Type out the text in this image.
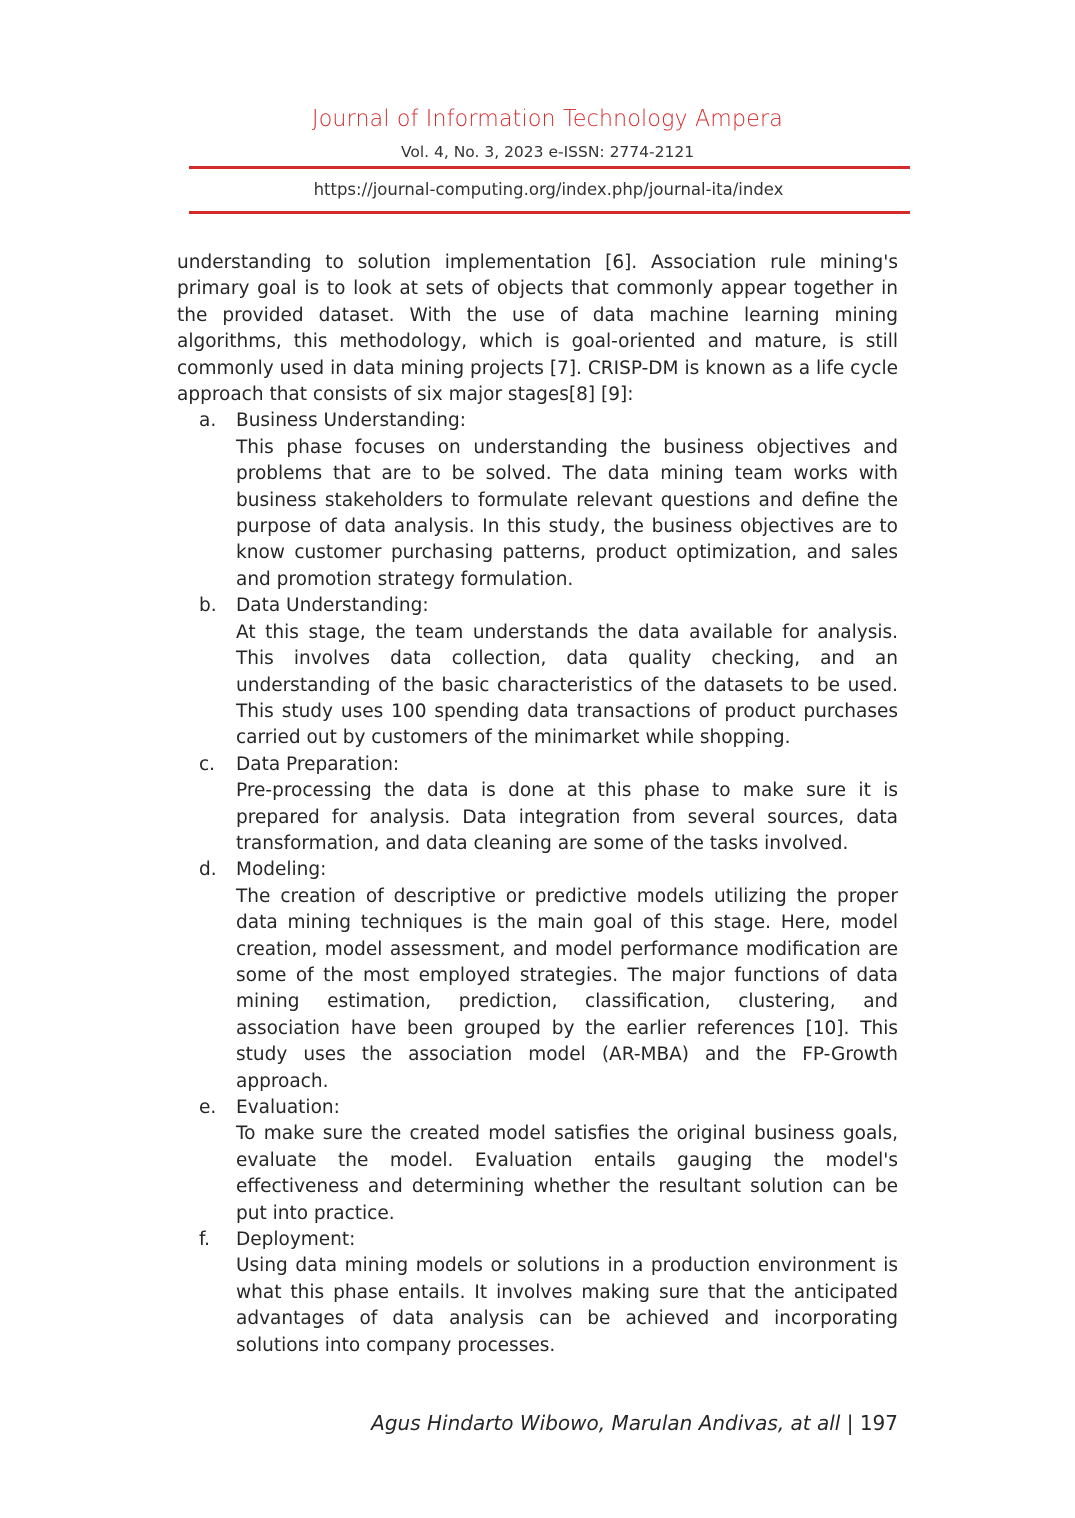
Journal of Information Technology Ampera
Vol. 4, No. 3, 2023 e-ISSN: 2774-2121
https://journal-computing.org/index.php/journal-ita/index

understanding to solution implementation [6]. Association rule mining's primary goal is to look at sets of objects that commonly appear together in the provided dataset. With the use of data machine learning mining algorithms, this methodology, which is goal-oriented and mature, is still commonly used in data mining projects [7]. CRISP-DM is known as a life cycle approach that consists of six major stages[8] [9]:

a. Business Understanding:

This phase focuses on understanding the business objectives and problems that are to be solved. The data mining team works with business stakeholders to formulate relevant questions and define the purpose of data analysis. In this study, the business objectives are to know customer purchasing patterns, product optimization, and sales and promotion strategy formulation.

b. Data Understanding:

At this stage, the team understands the data available for analysis. This involves data collection, data quality checking, and an understanding of the basic characteristics of the datasets to be used. This study uses 100 spending data transactions of product purchases carried out by customers of the minimarket while shopping.

c. Data Preparation:

Pre-processing the data is done at this phase to make sure it is prepared for analysis. Data integration from several sources, data transformation, and data cleaning are some of the tasks involved.

d. Modeling:

The creation of descriptive or predictive models utilizing the proper data mining techniques is the main goal of this stage. Here, model creation, model assessment, and model performance modification are some of the most employed strategies. The major functions of data mining estimation, prediction, classification, clustering, and association have been grouped by the earlier references [10]. This study uses the association model (AR-MBA) and the FP-Growth approach.

e. Evaluation:

To make sure the created model satisfies the original business goals, evaluate the model. Evaluation entails gauging the model's effectiveness and determining whether the resultant solution can be put into practice.

f. Deployment:

Using data mining models or solutions in a production environment is what this phase entails. It involves making sure that the anticipated advantages of data analysis can be achieved and incorporating solutions into company processes.

Agus Hindarto Wibowo, Marulan Andivas, at all | 197
